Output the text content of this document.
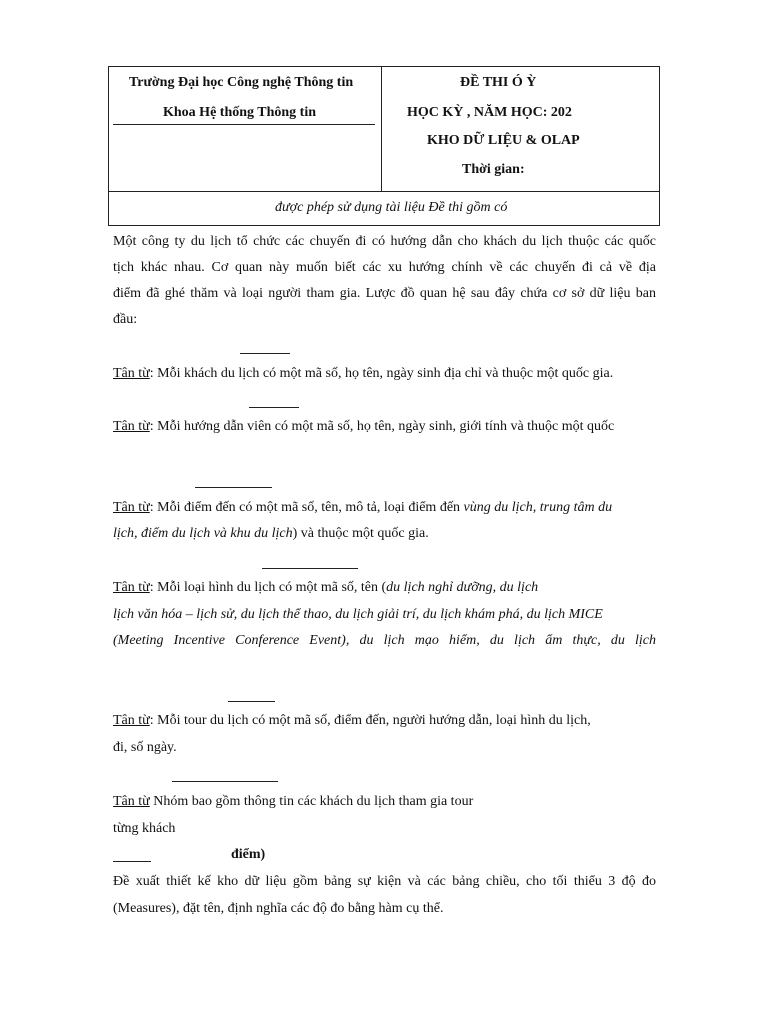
Trường Đại học Công nghệ Thông tin
Khoa Hệ thống Thông tin
ĐỀ THI Ó Ỳ
HỌC KỲ , NĂM HỌC: 202
KHO DỮ LIỆU & OLAP
Thời gian:
được phép sử dụng tài liệu Đề thi gồm có
Một công ty du lịch tổ chức các chuyến đi có hướng dẫn cho khách du lịch thuộc các quốc
tịch khác nhau. Cơ quan này muốn biết các xu hướng chính về các chuyến đi cả về địa
điểm đã ghé thăm và loại người tham gia. Lược đồ quan hệ sau đây chứa cơ sở dữ liệu ban
đầu:
Tân từ: Mỗi khách du lịch có một mã số, họ tên, ngày sinh địa chỉ và thuộc một quốc gia.
Tân từ: Mỗi hướng dẫn viên có một mã số, họ tên, ngày sinh, giới tính và thuộc một quốc
Tân từ: Mỗi điểm đến có một mã số, tên, mô tả, loại điểm đến vùng du lịch, trung tâm du
lịch, điểm du lịch và khu du lịch) và thuộc một quốc gia.
Tân từ: Mỗi loại hình du lịch có một mã số, tên (du lịch nghỉ dưỡng, du lịch
lịch văn hóa – lịch sử, du lịch thể thao, du lịch giải trí, du lịch khám phá, du lịch MICE
(Meeting Incentive Conference Event), du lịch mạo hiểm, du lịch ẩm thực, du lịch
Tân từ: Mỗi tour du lịch có một mã số, điểm đến, người hướng dẫn, loại hình du lịch,
đi, số ngày.
Tân từ Nhóm bao gồm thông tin các khách du lịch tham gia tour
từng khách
điểm)
Đề xuất thiết kế kho dữ liệu gồm bảng sự kiện và các bảng chiều, cho tối thiểu 3 độ đo
(Measures), đặt tên, định nghĩa các độ đo bằng hàm cụ thể.
